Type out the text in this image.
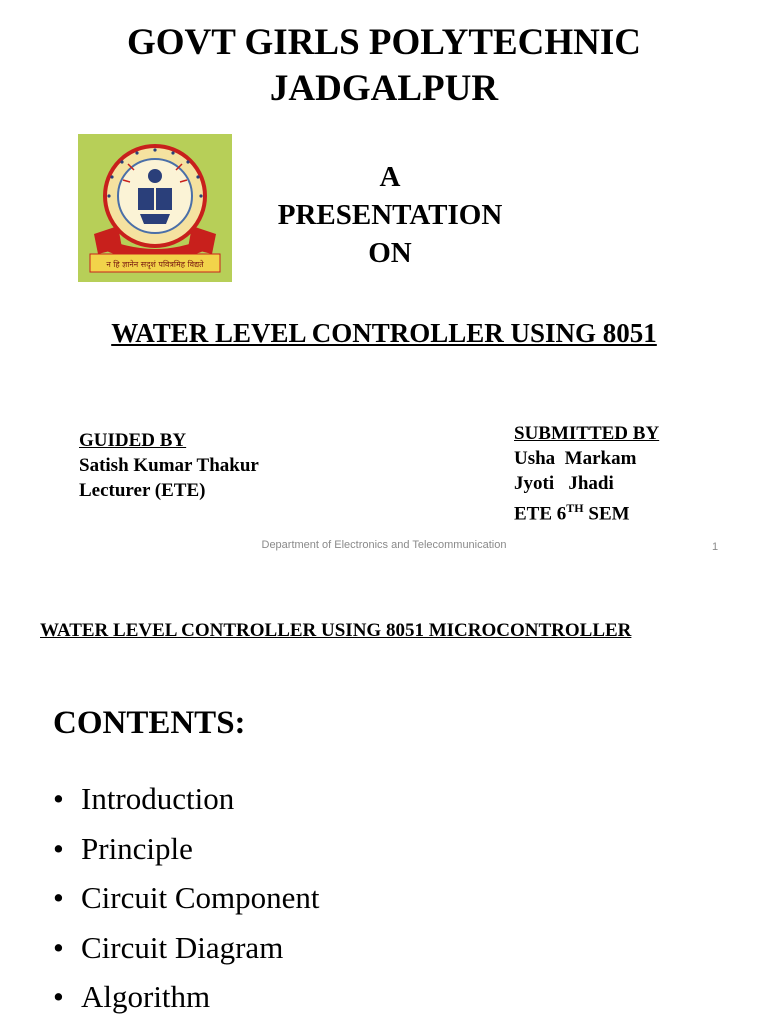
GOVT GIRLS POLYTECHNIC
JADGALPUR
न हि ज्ञानेन सदृशं पवित्रमिह विद्यते
A
PRESENTATION
ON
WATER LEVEL CONTROLLER USING 8051
GUIDED BY
Satish Kumar Thakur
Lecturer (ETE)
SUBMITTED BY
Usha  Markam
Jyoti   Jhadi
ETE 6TH SEM
Department of Electronics and Telecommunication	1
WATER LEVEL CONTROLLER USING 8051 MICROCONTROLLER
CONTENTS:
• Introduction
• Principle
• Circuit Component
• Circuit Diagram
• Algorithm
